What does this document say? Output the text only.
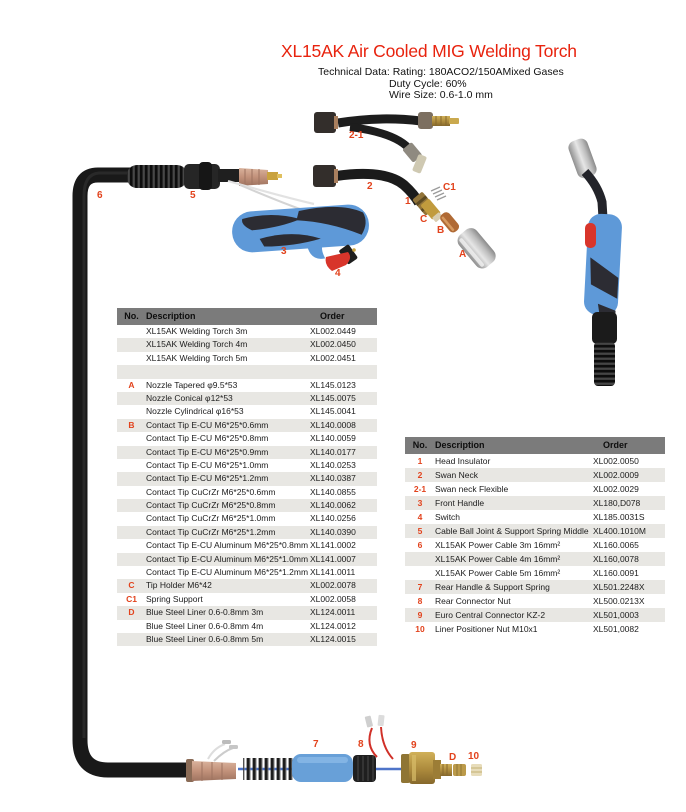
XL15AK Air Cooled MIG Welding Torch
Technical Data: Rating: 180ACO2/150AMixed Gases
Duty Cycle: 60%
Wire Size: 0.6-1.0 mm
6	5
2-1
2
1
C1
C
B
A
3
4
7	8	9
D 10
No. Description	Order
XL15AK Welding Torch 3m	XL002.0449
XL15AK Welding Torch 4m	XL002.0450
XL15AK Welding Torch 5m	XL002.0451
A	Nozzle Tapered φ9.5*53	XL145.0123
Nozzle Conical φ12*53	XL145.0075
Nozzle Cylindrical φ16*53	XL145.0041
B	Contact Tip E-CU M6*25*0.6mm	XL140.0008
Contact Tip E-CU M6*25*0.8mm	XL140.0059
Contact Tip E-CU M6*25*0.9mm	XL140.0177
Contact Tip E-CU M6*25*1.0mm	XL140.0253
Contact Tip E-CU M6*25*1.2mm	XL140.0387
Contact Tip CuCrZr M6*25*0.6mm	XL140.0855
Contact Tip CuCrZr M6*25*0.8mm	XL140.0062
Contact Tip CuCrZr M6*25*1.0mm	XL140.0256
Contact Tip CuCrZr M6*25*1.2mm	XL140.0390
Contact Tip E-CU Aluminum M6*25*0.8mm XL141.0002
Contact Tip E-CU Aluminum M6*25*1.0mm XL141.0007
Contact Tip E-CU Aluminum M6*25*1.2mm XL141.0011
C	Tip Holder M6*42	XL002.0078
C1	Spring Support	XL002.0058
D	Blue Steel Liner 0.6-0.8mm 3m	XL124.0011
Blue Steel Liner 0.6-0.8mm 4m	XL124.0012
Blue Steel Liner 0.6-0.8mm 5m	XL124.0015
No. Description	Order
1	Head Insulator	XL002.0050
2	Swan Neck	XL002.0009
2-1	Swan neck Flexible	XL002.0029
3	Front Handle	XL180,D078
4	Switch	XL185.0031S
5	Cable Ball Joint & Support Spring Middle XL400.1010M
6	XL15AK Power Cable 3m 16mm²	XL160.0065
XL15AK Power Cable 4m 16mm²	XL160,0078
XL15AK Power Cable 5m 16mm²	XL160.0091
7	Rear Handle & Support Spring	XL501.2248X
8	Rear Connector Nut	XL500.0213X
9	Euro Central Connector KZ-2	XL501,0003
10	Liner Positioner Nut M10x1	XL501,0082
